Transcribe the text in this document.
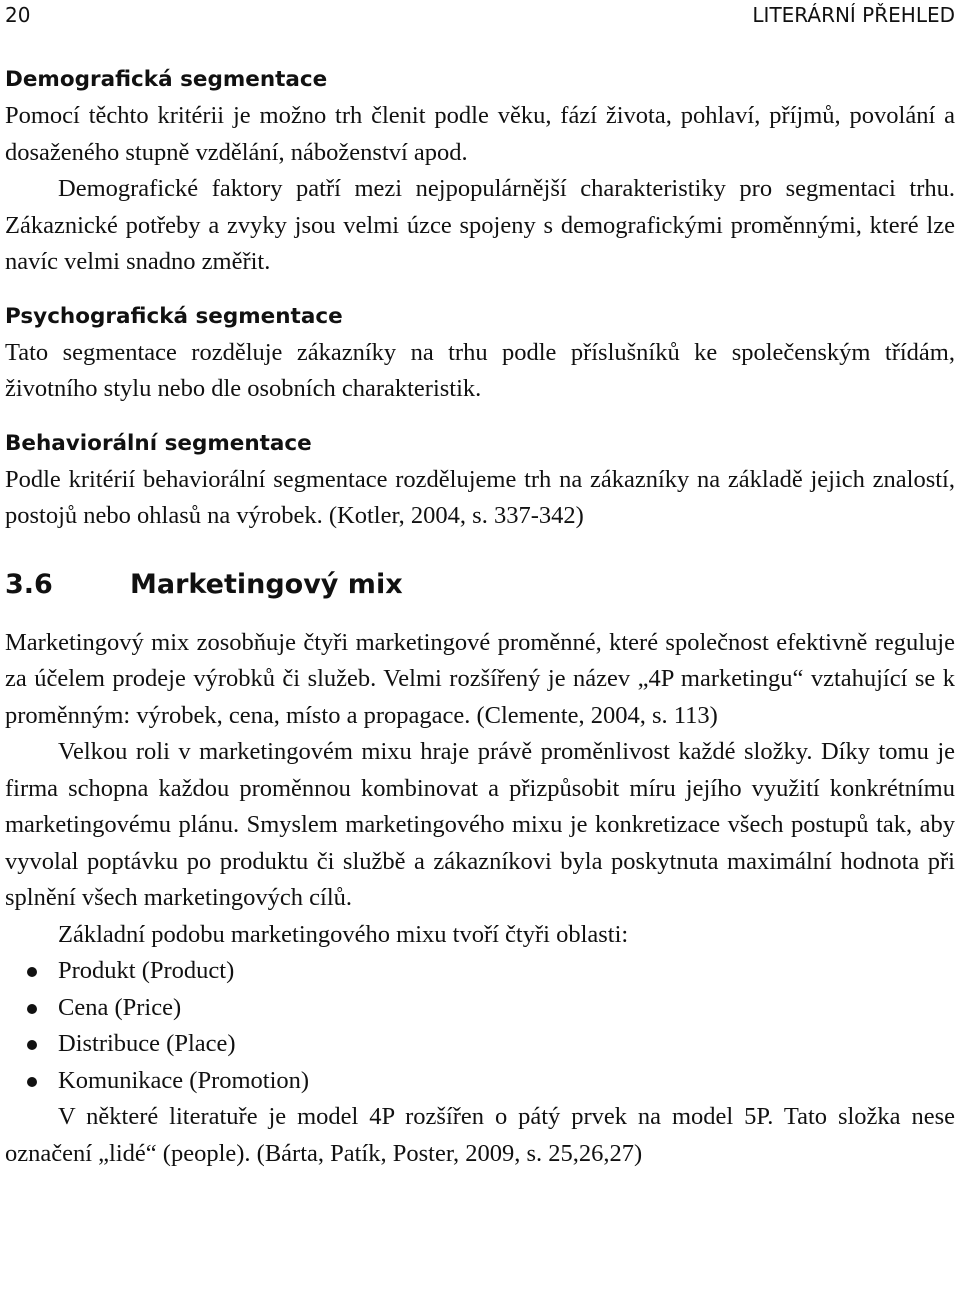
20	LITERÁRNÍ PŘEHLED
Demografická segmentace

Pomocí těchto kritérii je možno trh členit podle věku, fází života, pohlaví, příjmů, povolání a dosaženého stupně vzdělání, náboženství apod.

Demografické faktory patří mezi nejpopulárnější charakteristiky pro segmentaci trhu. Zákaznické potřeby a zvyky jsou velmi úzce spojeny s demografickými proměnnými, které lze navíc velmi snadno změřit.

Psychografická segmentace

Tato segmentace rozděluje zákazníky na trhu podle příslušníků ke společenským třídám, životního stylu nebo dle osobních charakteristik.

Behaviorální segmentace

Podle kritérií behaviorální segmentace rozdělujeme trh na zákazníky na základě jejich znalostí, postojů nebo ohlasů na výrobek. (Kotler, 2004, s. 337-342)

3.6	Marketingový mix

Marketingový mix zosobňuje čtyři marketingové proměnné, které společnost efektivně reguluje za účelem prodeje výrobků či služeb. Velmi rozšířený je název „4P marketingu“ vztahující se k proměnným: výrobek, cena, místo a propagace. (Clemente, 2004, s. 113)

Velkou roli v marketingovém mixu hraje právě proměnlivost každé složky. Díky tomu je firma schopna každou proměnnou kombinovat a přizpůsobit míru jejího využití konkrétnímu marketingovému plánu. Smyslem marketingového mixu je konkretizace všech postupů tak, aby vyvolal poptávku po produktu či službě a zákazníkovi byla poskytnuta maximální hodnota při splnění všech marketingových cílů.

Základní podobu marketingového mixu tvoří čtyři oblasti:

Produkt (Product)
Cena (Price)
Distribuce (Place)
Komunikace (Promotion)

V některé literatuře je model 4P rozšířen o pátý prvek na model 5P. Tato složka nese označení „lidé“ (people). (Bárta, Patík, Poster, 2009, s. 25,26,27)
